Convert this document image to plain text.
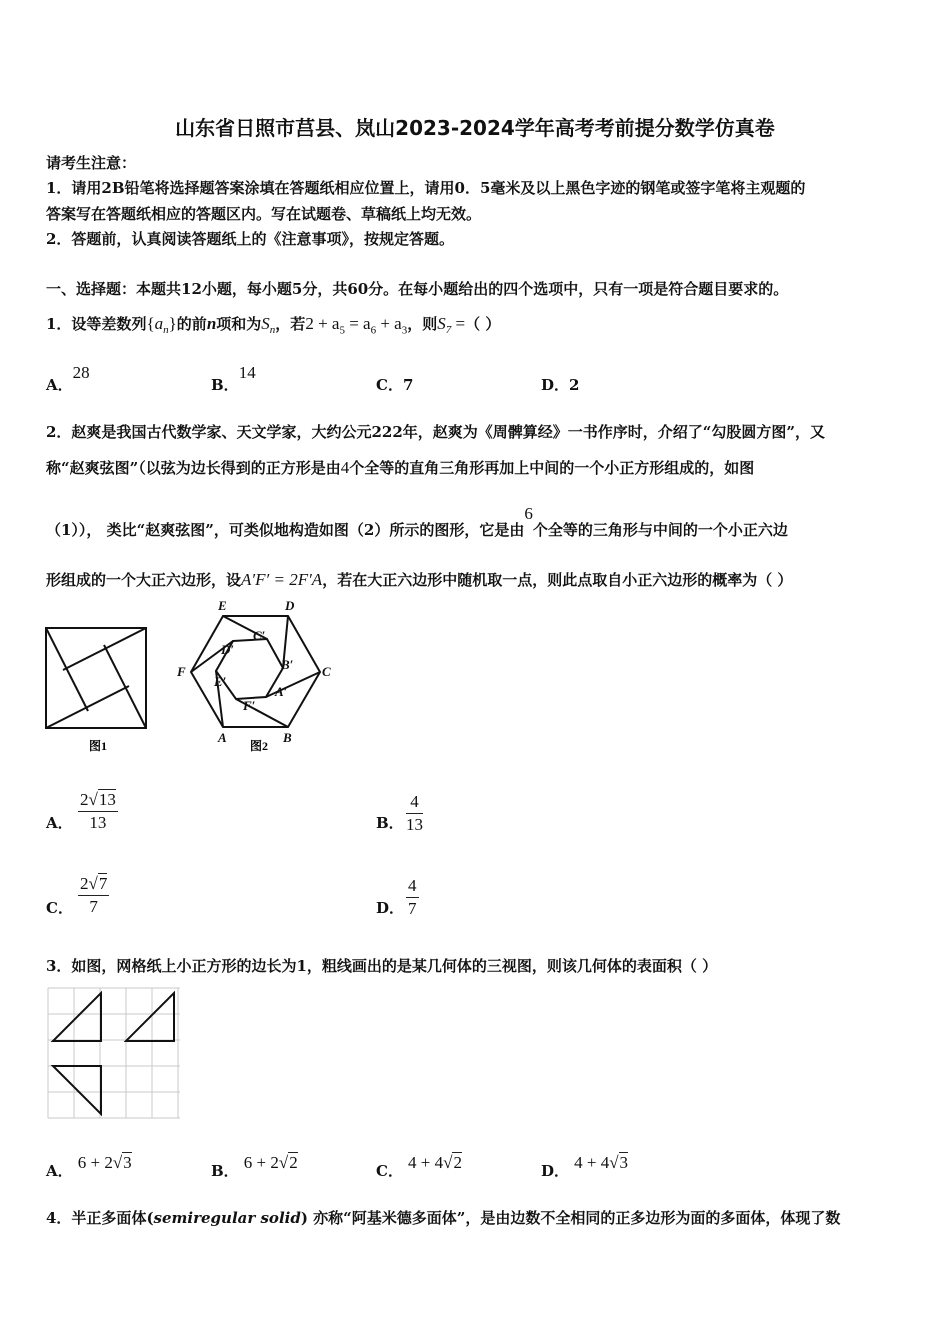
山东省日照市莒县、岚山2023-2024学年高考考前提分数学仿真卷
请考生注意：
1．请用2B铅笔将选择题答案涂填在答题纸相应位置上，请用0．5毫米及以上黑色字迹的钢笔或签字笔将主观题的
答案写在答题纸相应的答题区内。写在试题卷、草稿纸上均无效。
2．答题前，认真阅读答题纸上的《注意事项》，按规定答题。
一、选择题：本题共12小题，每小题5分，共60分。在每小题给出的四个选项中，只有一项是符合题目要求的。
1．设等差数列$\{a_n\}$的前n项和为$S_n$，若$2 + a_5 = a_6 + a_3$，则$S_7$ =（ ）
A．28
B．14
C．7	D．2
2．赵爽是我国古代数学家、天文学家，大约公元222年，赵爽为《周髀算经》一书作序时，介绍了“勾股圆方图”，又
称“赵爽弦图”（以弦为边长得到的正方形是由4个全等的直角三角形再加上中间的一个小正方形组成的，如图
（1））， 类比“赵爽弦图”，可类似地构造如图（2）所示的图形，它是由6个全等的三角形与中间的一个小正六边
形组成的一个大正六边形，设A′F′ = 2F′A，若在大正六边形中随机取一点，则此点取自小正六边形的概率为（ ）
图1
E	D
C
B
A
F
C′
D′
B′
E′
A′
F′
图2
A． $\frac{2√13}{13}$	B． $\frac{4}{13}$
C． $\frac{2√7}{7}$	D． $\frac{4}{7}$
3．如图，网格纸上小正方形的边长为1，粗线画出的是某几何体的三视图，则该几何体的表面积（ ）
A． 6 + 2√3	B． 6 + 2√2	C． 4 + 4√2	D． 4 + 4√3
4．半正多面体(semiregular solid) 亦称“阿基米德多面体”，是由边数不全相同的正多边形为面的多面体，体现了数
